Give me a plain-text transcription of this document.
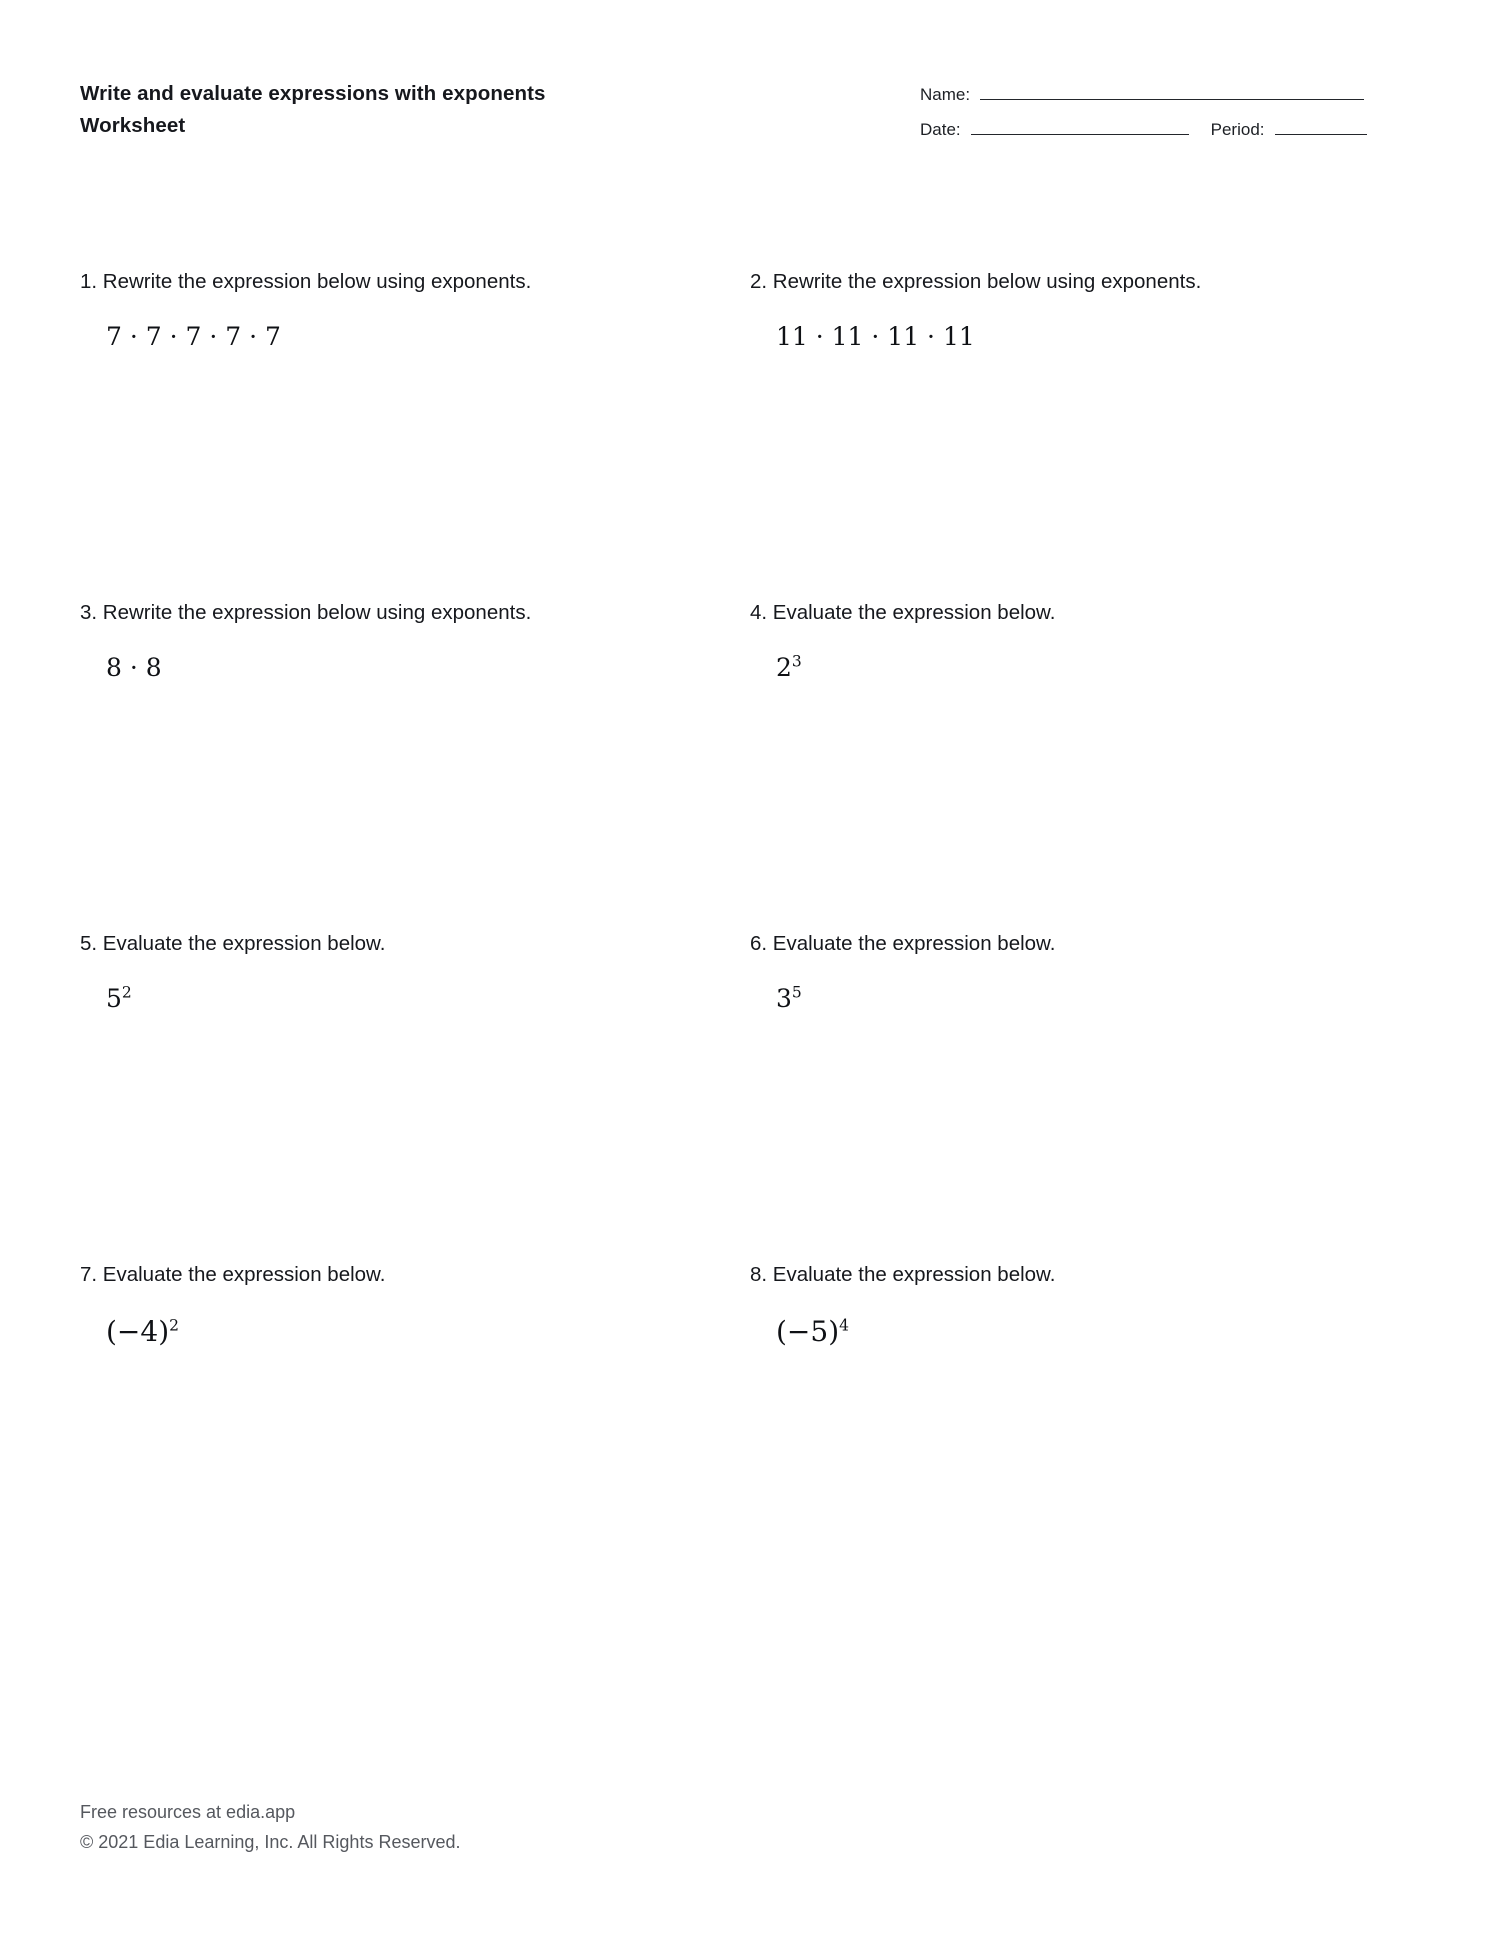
Write and evaluate expressions with exponents
Worksheet
Name:
Date:	Period:
1. Rewrite the expression below using exponents.
7 · 7 · 7 · 7 · 7
2. Rewrite the expression below using exponents.
11 · 11 · 11 · 11
3. Rewrite the expression below using exponents.
8 · 8
4. Evaluate the expression below.
$2^3$
5. Evaluate the expression below.
$5^2$
6. Evaluate the expression below.
$3^5$
7. Evaluate the expression below.
$(-4)^2$
8. Evaluate the expression below.
$(-5)^4$
Free resources at edia.app
© 2021 Edia Learning, Inc. All Rights Reserved.
